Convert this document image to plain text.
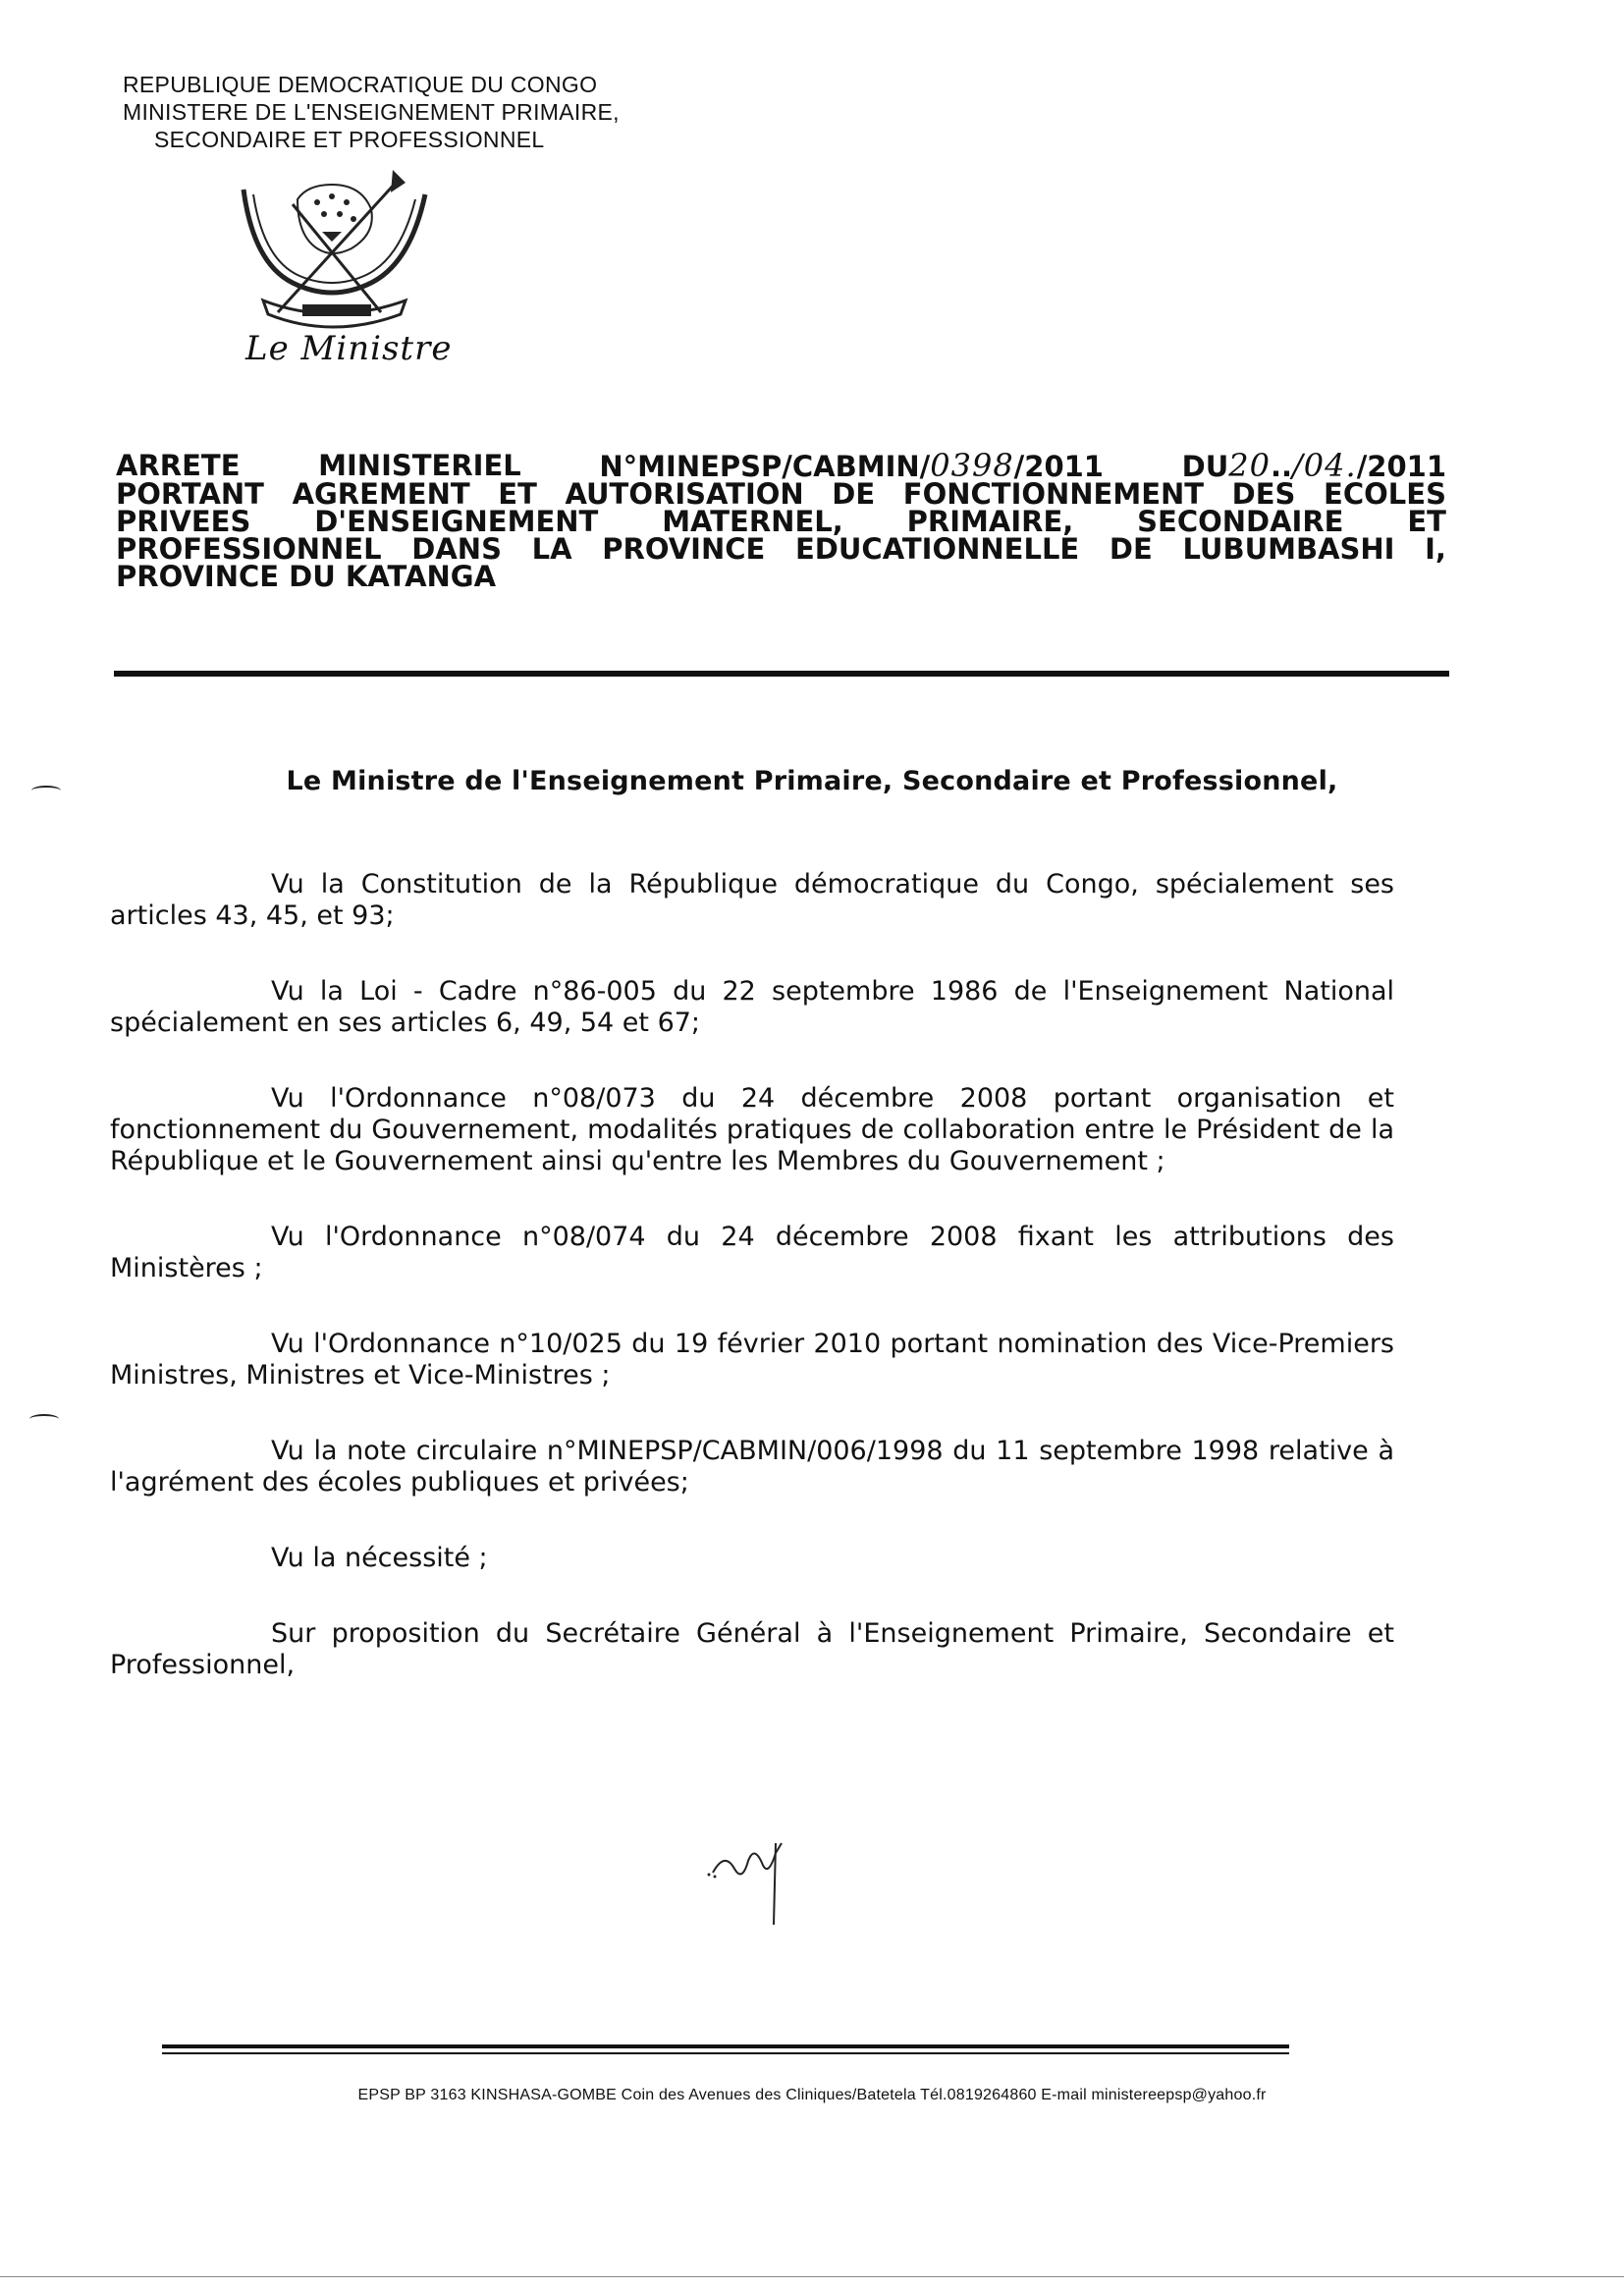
REPUBLIQUE DEMOCRATIQUE DU CONGO
MINISTERE DE L'ENSEIGNEMENT PRIMAIRE,
SECONDAIRE ET PROFESSIONNEL
Le Ministre
ARRETE	MINISTERIEL	N°MINEPSP/CABMIN/0398/2011	DU20../04./2011
PORTANT AGREMENT ET AUTORISATION DE FONCTIONNEMENT DES ECOLES
PRIVEES D'ENSEIGNEMENT MATERNEL, PRIMAIRE, SECONDAIRE ET
PROFESSIONNEL DANS LA PROVINCE EDUCATIONNELLE DE LUBUMBASHI I,
PROVINCE DU KATANGA
Le Ministre de l'Enseignement Primaire, Secondaire et Professionnel,

Vu la Constitution de la République démocratique du Congo, spécialement ses articles 43, 45, et 93;

Vu la Loi - Cadre n°86-005 du 22 septembre 1986 de l'Enseignement National spécialement en ses articles 6, 49, 54 et 67;

Vu l'Ordonnance n°08/073 du 24 décembre 2008 portant organisation et fonctionnement du Gouvernement, modalités pratiques de collaboration entre le Président de la République et le Gouvernement ainsi qu'entre les Membres du Gouvernement ;

Vu l'Ordonnance n°08/074 du 24 décembre 2008 fixant les attributions des Ministères ;

Vu l'Ordonnance n°10/025 du 19 février 2010 portant nomination des Vice-Premiers Ministres, Ministres et Vice-Ministres ;

Vu la note circulaire n°MINEPSP/CABMIN/006/1998 du 11 septembre 1998 relative à l'agrément des écoles publiques et privées;

Vu la nécessité ;

Sur proposition du Secrétaire Général à l'Enseignement Primaire, Secondaire et Professionnel,

EPSP BP 3163 KINSHASA-GOMBE Coin des Avenues des Cliniques/Batetela Tél.0819264860 E-mail ministereepsp@yahoo.fr
